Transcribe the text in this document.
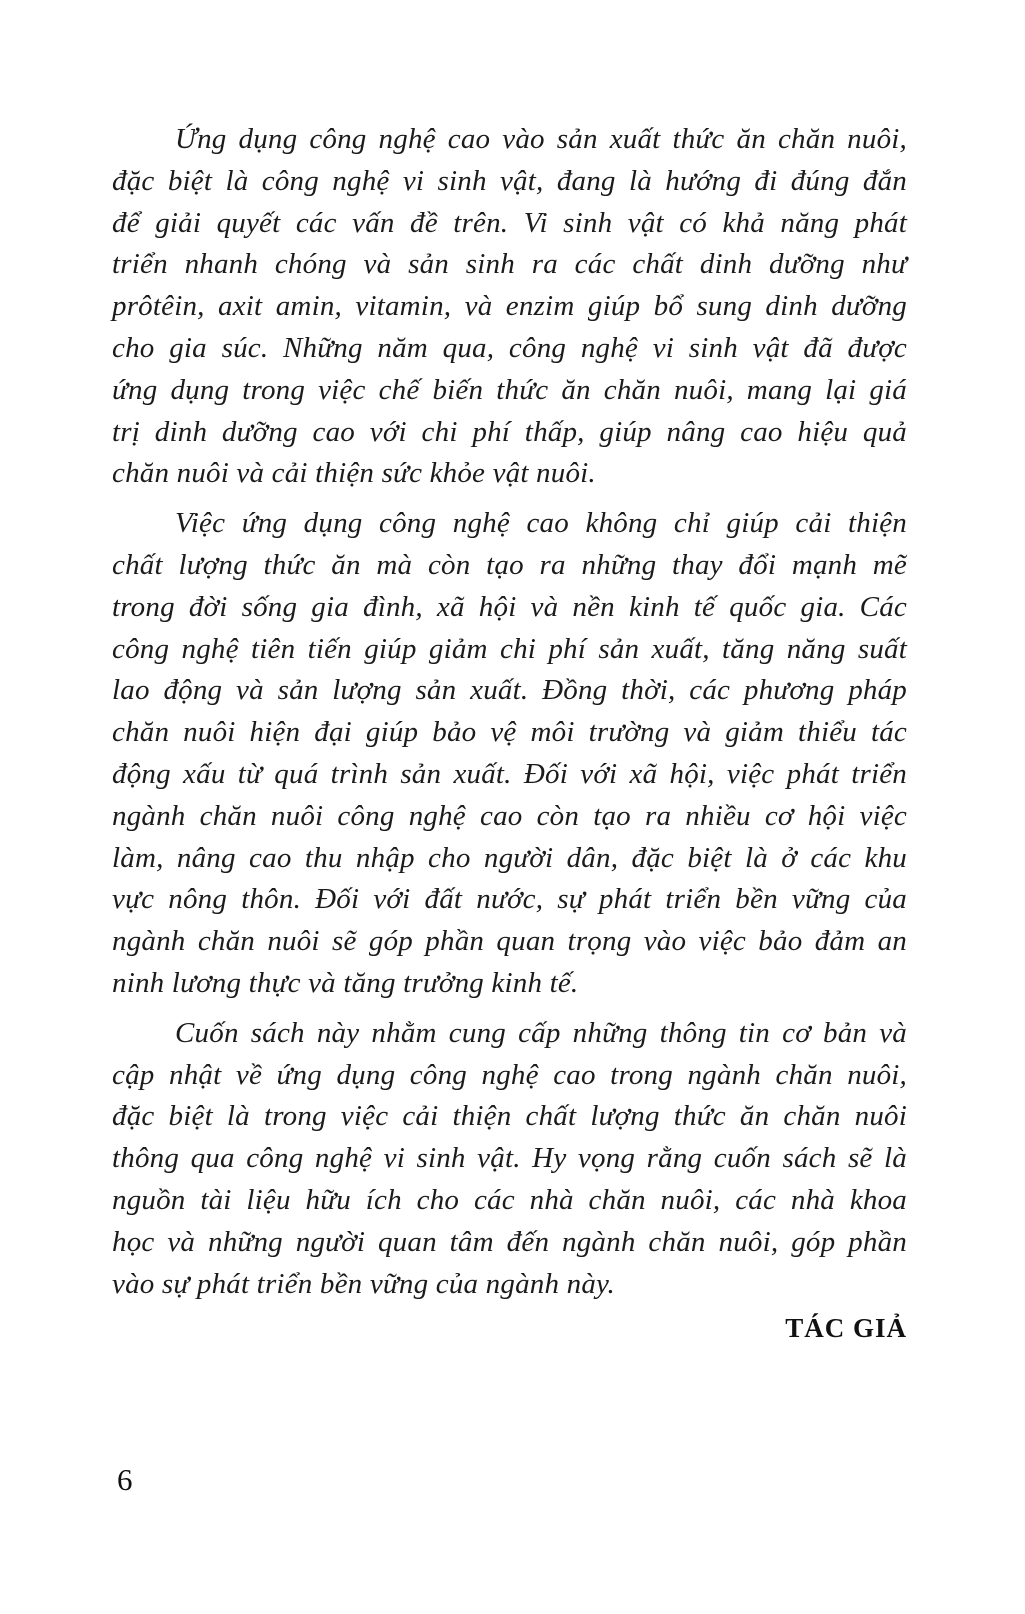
Ứng dụng công nghệ cao vào sản xuất thức ăn chăn nuôi,
đặc biệt là công nghệ vi sinh vật, đang là hướng đi đúng đắn
để giải quyết các vấn đề trên. Vi sinh vật có khả năng phát
triển nhanh chóng và sản sinh ra các chất dinh dưỡng như
prôtêin, axit amin, vitamin, và enzim giúp bổ sung dinh dưỡng
cho gia súc. Những năm qua, công nghệ vi sinh vật đã được
ứng dụng trong việc chế biến thức ăn chăn nuôi, mang lại giá
trị dinh dưỡng cao với chi phí thấp, giúp nâng cao hiệu quả
chăn nuôi và cải thiện sức khỏe vật nuôi.

Việc ứng dụng công nghệ cao không chỉ giúp cải thiện
chất lượng thức ăn mà còn tạo ra những thay đổi mạnh mẽ
trong đời sống gia đình, xã hội và nền kinh tế quốc gia. Các
công nghệ tiên tiến giúp giảm chi phí sản xuất, tăng năng suất
lao động và sản lượng sản xuất. Đồng thời, các phương pháp
chăn nuôi hiện đại giúp bảo vệ môi trường và giảm thiểu tác
động xấu từ quá trình sản xuất. Đối với xã hội, việc phát triển
ngành chăn nuôi công nghệ cao còn tạo ra nhiều cơ hội việc
làm, nâng cao thu nhập cho người dân, đặc biệt là ở các khu
vực nông thôn. Đối với đất nước, sự phát triển bền vững của
ngành chăn nuôi sẽ góp phần quan trọng vào việc bảo đảm an
ninh lương thực và tăng trưởng kinh tế.

Cuốn sách này nhằm cung cấp những thông tin cơ bản và
cập nhật về ứng dụng công nghệ cao trong ngành chăn nuôi,
đặc biệt là trong việc cải thiện chất lượng thức ăn chăn nuôi
thông qua công nghệ vi sinh vật. Hy vọng rằng cuốn sách sẽ là
nguồn tài liệu hữu ích cho các nhà chăn nuôi, các nhà khoa
học và những người quan tâm đến ngành chăn nuôi, góp phần
vào sự phát triển bền vững của ngành này.

TÁC GIẢ
6
